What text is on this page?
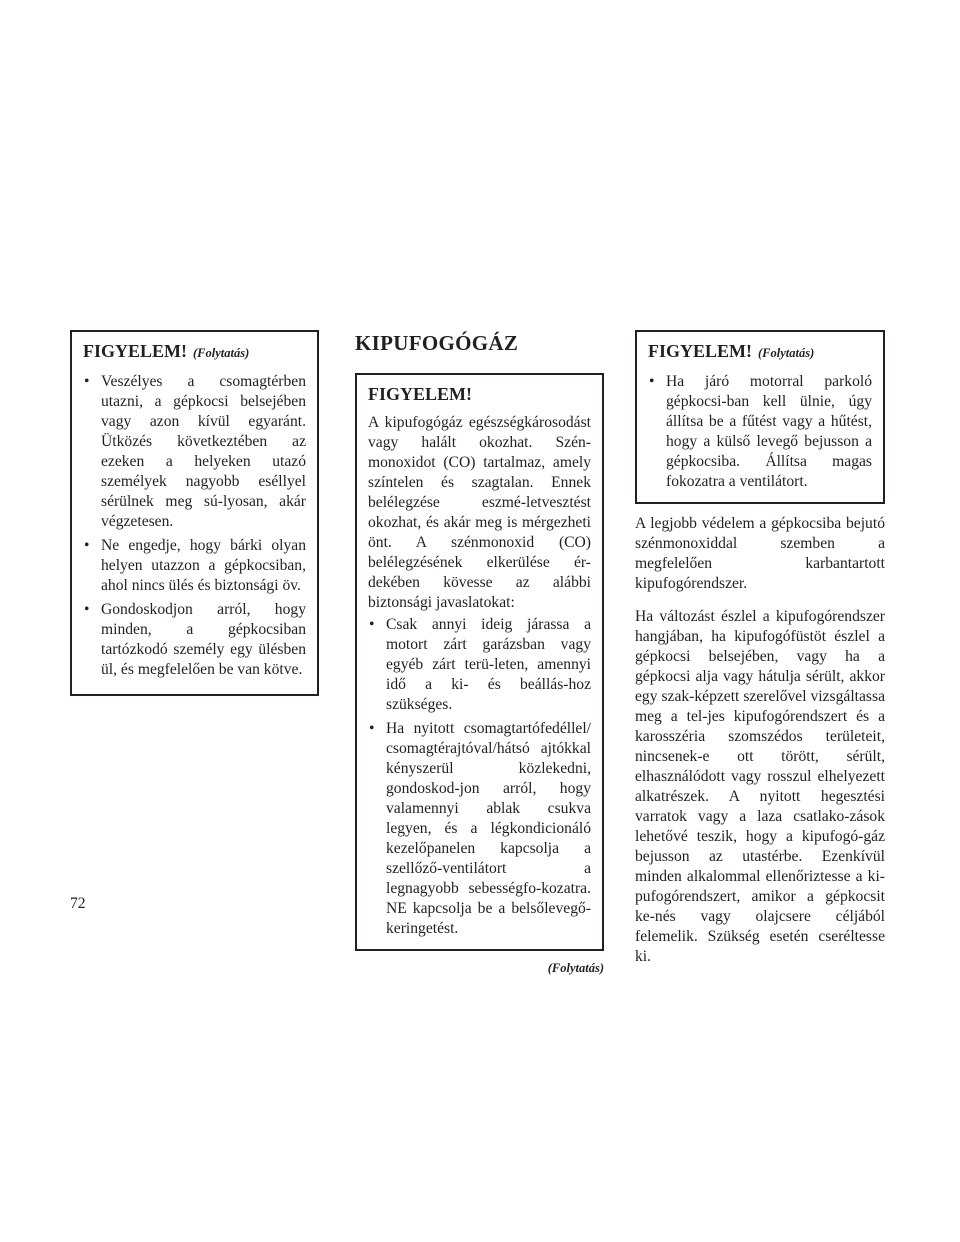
FIGYELEM! (Folytatás)
• Veszélyes a csomagtérben utazni, a gépkocsi belsejében vagy azon kívül egyaránt. Ütközés következtében az ezeken a helyeken utazó személyek nagyobb eséllyel sérülnek meg sú-lyosan, akár végzetesen.
• Ne engedje, hogy bárki olyan helyen utazzon a gépkocsiban, ahol nincs ülés és biztonsági öv.
• Gondoskodjon arról, hogy minden, a gépkocsiban tartózkodó személy egy ülésben ül, és megfelelően be van kötve.
KIPUFOGÓGÁZ
FIGYELEM!

A kipufogógáz egészségkárosodást vagy halált okozhat. Szén-monoxidot (CO) tartalmaz, amely színtelen és szagtalan. Ennek belélegzése eszmé-letvesztést okozhat, és akár meg is mérgezheti önt. A szénmonoxid (CO) belélegzésének elkerülése ér-dekében kövesse az alábbi biztonsági javaslatokat:

• Csak annyi ideig járassa a motort zárt garázsban vagy egyéb zárt terü-leten, amennyi idő a ki- és beállás-hoz szükséges.
• Ha nyitott csomagtartófedéllel/ csomagtérajtóval/hátsó ajtókkal kényszerül közlekedni, gondoskod-jon arról, hogy valamennyi ablak csukva legyen, és a légkondicionáló kezelőpanelen kapcsolja a szellőző-ventilátort a legnagyobb sebességfo-kozatra. NE kapcsolja be a belsőlevegő-keringetést.
(Folytatás)
FIGYELEM! (Folytatás)
• Ha járó motorral parkoló gépkocsi-ban kell ülnie, úgy állítsa be a fűtést vagy a hűtést, hogy a külső levegő bejusson a gépkocsiba. Állítsa magas fokozatra a ventilátort.

A legjobb védelem a gépkocsiba bejutó szénmonoxiddal szemben a megfelelően karbantartott kipufogórendszer.

Ha változást észlel a kipufogórendszer hangjában, ha kipufogófüstöt észlel a gépkocsi belsejében, vagy ha a gépkocsi alja vagy hátulja sérült, akkor egy szak-képzett szerelővel vizsgáltassa meg a tel-jes kipufogórendszert és a karosszéria szomszédos területeit, nincsenek-e ott törött, sérült, elhasználódott vagy rosszul elhelyezett alkatrészek. A nyitott hegesztési varratok vagy a laza csatlako-zások lehetővé teszik, hogy a kipufogó-gáz bejusson az utastérbe. Ezenkívül minden alkalommal ellenőriztesse a ki-pufogórendszert, amikor a gépkocsit ke-nés vagy olajcsere céljából felemelik. Szükség esetén cseréltesse ki.

72
